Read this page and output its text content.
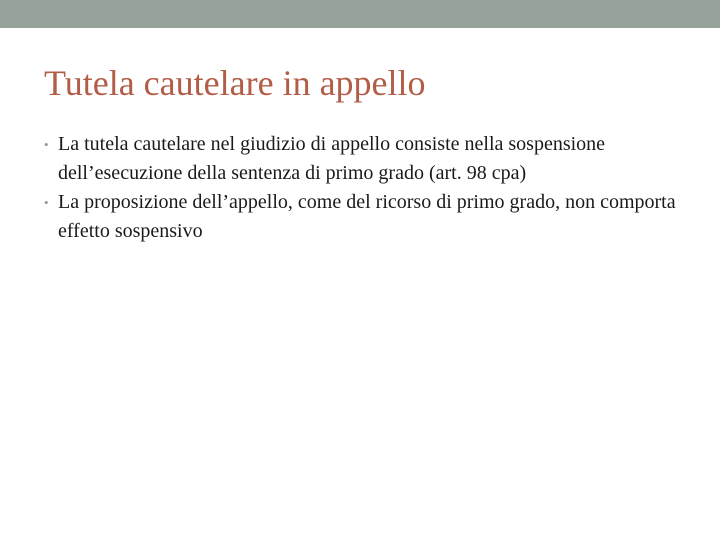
Tutela cautelare in appello
• La tutela cautelare nel giudizio di appello consiste nella sospensione dell’esecuzione della sentenza di primo grado (art. 98 cpa)
• La proposizione dell’appello, come del ricorso di primo grado, non comporta effetto sospensivo
